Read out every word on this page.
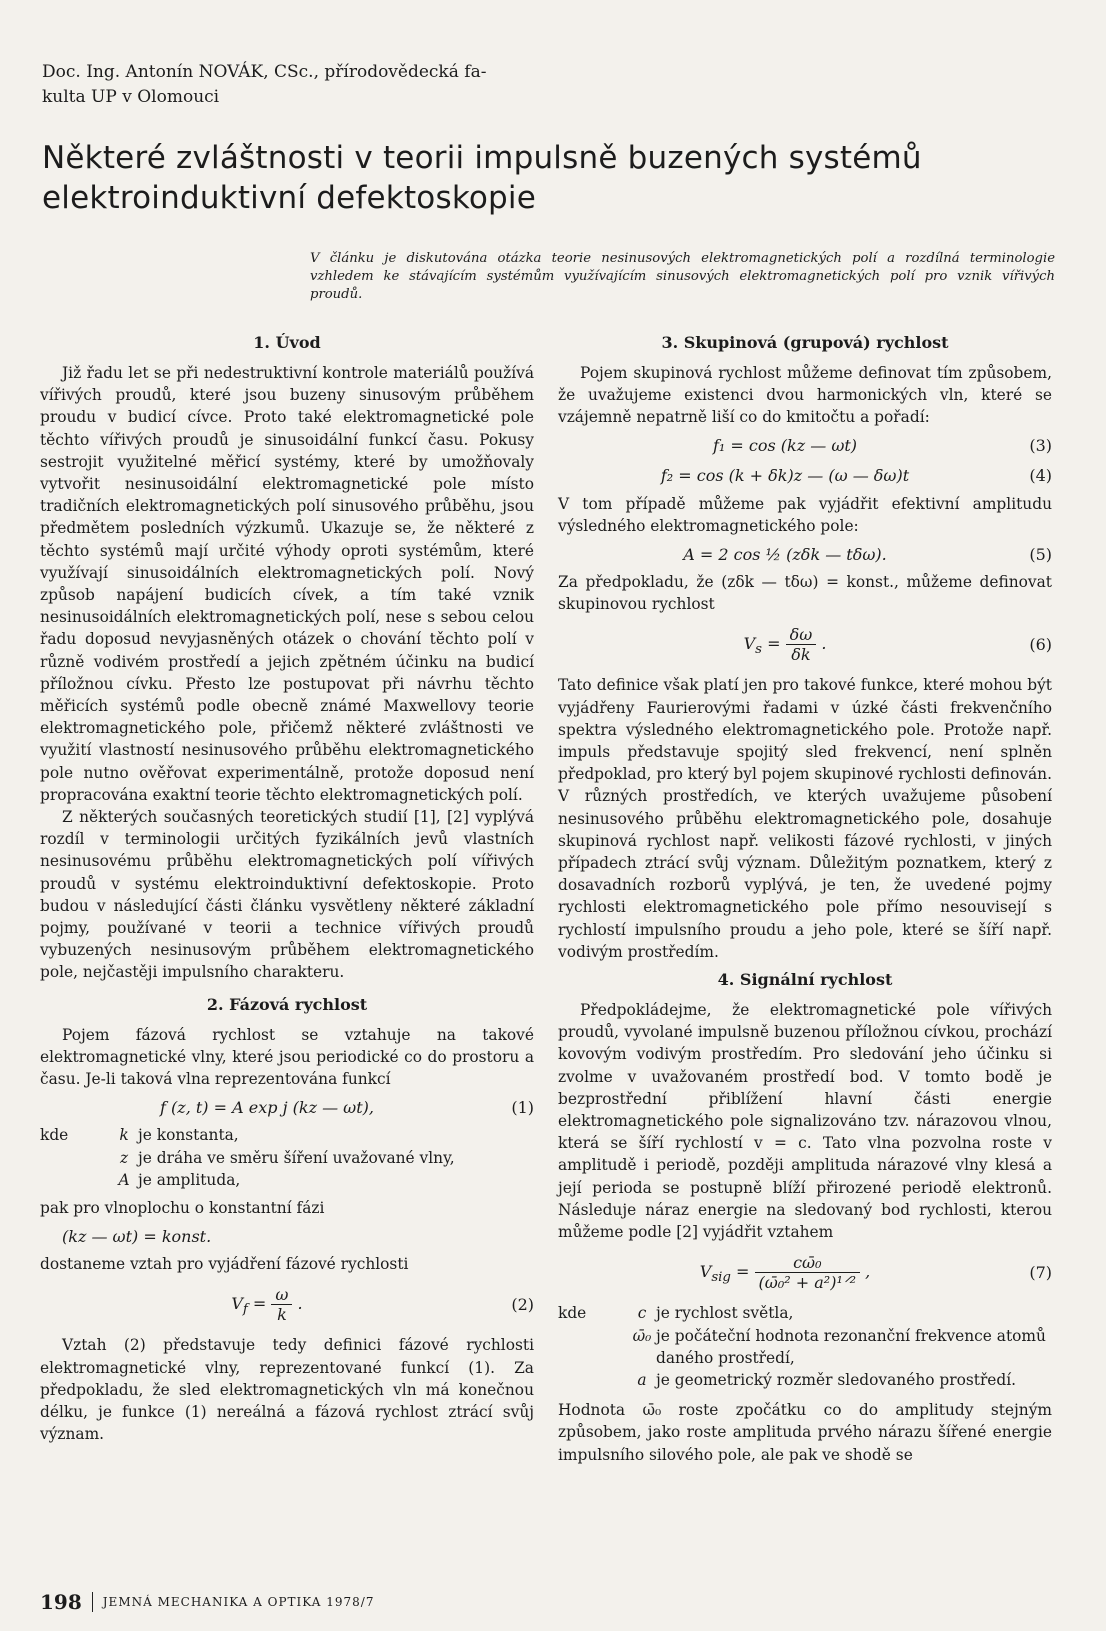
Doc. Ing. Antonín NOVÁK, CSc., přírodovědecká fa-
kulta UP v Olomouci
Některé zvláštnosti v teorii impulsně buzených systémů
elektroinduktivní defektoskopie
V článku je diskutována otázka teorie nesinusových elektromagnetických polí a rozdílná terminologie vzhledem ke stávajícím systémům využívajícím sinusových elektromagnetických polí pro vznik vířivých proudů.
1. Úvod

Již řadu let se při nedestruktivní kontrole materiálů používá vířivých proudů, které jsou buzeny sinusovým průběhem proudu v budicí cívce. Proto také elektromagnetické pole těchto vířivých proudů je sinusoidální funkcí času. Pokusy sestrojit využitelné měřicí systémy, které by umožňovaly vytvořit nesinusoidální elektromagnetické pole místo tradičních elektromagnetických polí sinusového průběhu, jsou předmětem posledních výzkumů. Ukazuje se, že některé z těchto systémů mají určité výhody oproti systémům, které využívají sinusoidálních elektromagnetických polí. Nový způsob napájení budicích cívek, a tím také vznik nesinusoidálních elektromagnetických polí, nese s sebou celou řadu doposud nevyjasněných otázek o chování těchto polí v různě vodivém prostředí a jejich zpětném účinku na budicí příložnou cívku. Přesto lze postupovat při návrhu těchto měřicích systémů podle obecně známé Maxwellovy teorie elektromagnetického pole, přičemž některé zvláštnosti ve využití vlastností nesinusového průběhu elektromagnetického pole nutno ověřovat experimentálně, protože doposud není propracována exaktní teorie těchto elektromagnetických polí.

Z některých současných teoretických studií [1], [2] vyplývá rozdíl v terminologii určitých fyzikálních jevů vlastních nesinusovému průběhu elektromagnetických polí vířivých proudů v systému elektroinduktivní defektoskopie. Proto budou v následující části článku vysvětleny některé základní pojmy, používané v teorii a technice vířivých proudů vybuzených nesinusovým průběhem elektromagnetického pole, nejčastěji impulsního charakteru.

2. Fázová rychlost

Pojem fázová rychlost se vztahuje na takové elektromagnetické vlny, které jsou periodické co do prostoru a času. Je-li taková vlna reprezentována funkcí

f (z, t) = A exp j (kz — ωt),	(1)
kde	k je konstanta,
z je dráha ve směru šíření uvažované vlny,
A je amplituda,

pak pro vlnoplochu o konstantní fázi

(kz — ωt) = konst.

dostaneme vztah pro vyjádření fázové rychlosti

$V_f = \frac{\omega}{k}$ .	(2)

Vztah (2) představuje tedy definici fázové rychlosti elektromagnetické vlny, reprezentované funkcí (1). Za předpokladu, že sled elektromagnetických vln má konečnou délku, je funkce (1) nereálná a fázová rychlost ztrácí svůj význam.

3. Skupinová (grupová) rychlost

Pojem skupinová rychlost můžeme definovat tím způsobem, že uvažujeme existenci dvou harmonických vln, které se vzájemně nepatrně liší co do kmitočtu a pořadí:

f₁ = cos (kz — ωt)	(3)
f₂ = cos (k + δk)z — (ω — δω)t	(4)

V tom případě můžeme pak vyjádřit efektivní amplitudu výsledného elektromagnetického pole:

A = 2 cos ½ (zδk — tδω).	(5)

Za předpokladu, že (zδk — tδω) = konst., můžeme definovat skupinovou rychlost

$V_s = \frac{\delta\omega}{\delta k}$ .	(6)

Tato definice však platí jen pro takové funkce, které mohou být vyjádřeny Faurierovými řadami v úzké části frekvenčního spektra výsledného elektromagnetického pole. Protože např. impuls představuje spojitý sled frekvencí, není splněn předpoklad, pro který byl pojem skupinové rychlosti definován. V různých prostředích, ve kterých uvažujeme působení nesinusového průběhu elektromagnetického pole, dosahuje skupinová rychlost např. velikosti fázové rychlosti, v jiných případech ztrácí svůj význam. Důležitým poznatkem, který z dosavadních rozborů vyplývá, je ten, že uvedené pojmy rychlosti elektromagnetického pole přímo nesouvisejí s rychlostí impulsního proudu a jeho pole, které se šíří např. vodivým prostředím.

4. Signální rychlost

Předpokládejme, že elektromagnetické pole vířivých proudů, vyvolané impulsně buzenou příložnou cívkou, prochází kovovým vodivým prostředím. Pro sledování jeho účinku si zvolme v uvažovaném prostředí bod. V tomto bodě je bezprostřední přiblížení hlavní části energie elektromagnetického pole signalizováno tzv. nárazovou vlnou, která se šíří rychlostí v = c. Tato vlna pozvolna roste v amplitudě i periodě, později amplituda nárazové vlny klesá a její perioda se postupně blíží přirozené periodě elektronů. Následuje náraz energie na sledovaný bod rychlosti, kterou můžeme podle [2] vyjádřit vztahem

$V_{sig} = \frac{\text{cω̄₀}}{\text{(ω̄₀² + a²)¹ᐟ²}}$ ,	(7)
kde	c je rychlost světla,
ω̄₀ je počáteční hodnota rezonanční frekvence atomů daného prostředí,
a je geometrický rozměr sledovaného prostředí.

Hodnota ω̄₀ roste zpočátku co do amplitudy stejným způsobem, jako roste amplituda prvého nárazu šířené energie impulsního silového pole, ale pak ve shodě se

198 JEMNÁ MECHANIKA A OPTIKA 1978/7
